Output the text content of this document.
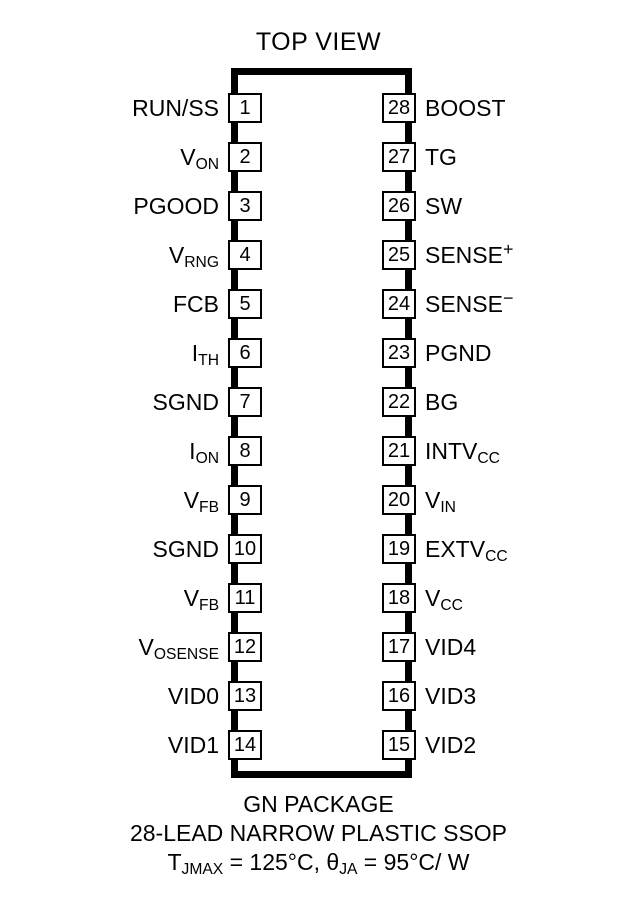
TOP VIEW
RUN/SS	1
$V_{ON}$	2
PGOOD	3
$V_{RNG}$	4
FCB	5
$I_{TH}$	6
SGND	7
$I_{ON}$	8
$V_{FB}$	9
SGND 10
$V_{FB}$ 11
$V_{OSENSE}$ 12
VID0 13
VID1 14
28 BOOST
27 TG
26 SW
25 SENSE+
24 SENSE−
23 PGND
22 BG
21 $INTV_{CC}$
20 $V_{IN}$
19 $EXTV_{CC}$
18 $V_{CC}$
17 VID4
16 VID3
15 VID2
GN PACKAGE
28-LEAD NARROW PLASTIC SSOP
$T_{JMAX} = 125^\circ C$, $\theta_{JA} = 95^\circ C/$ W
